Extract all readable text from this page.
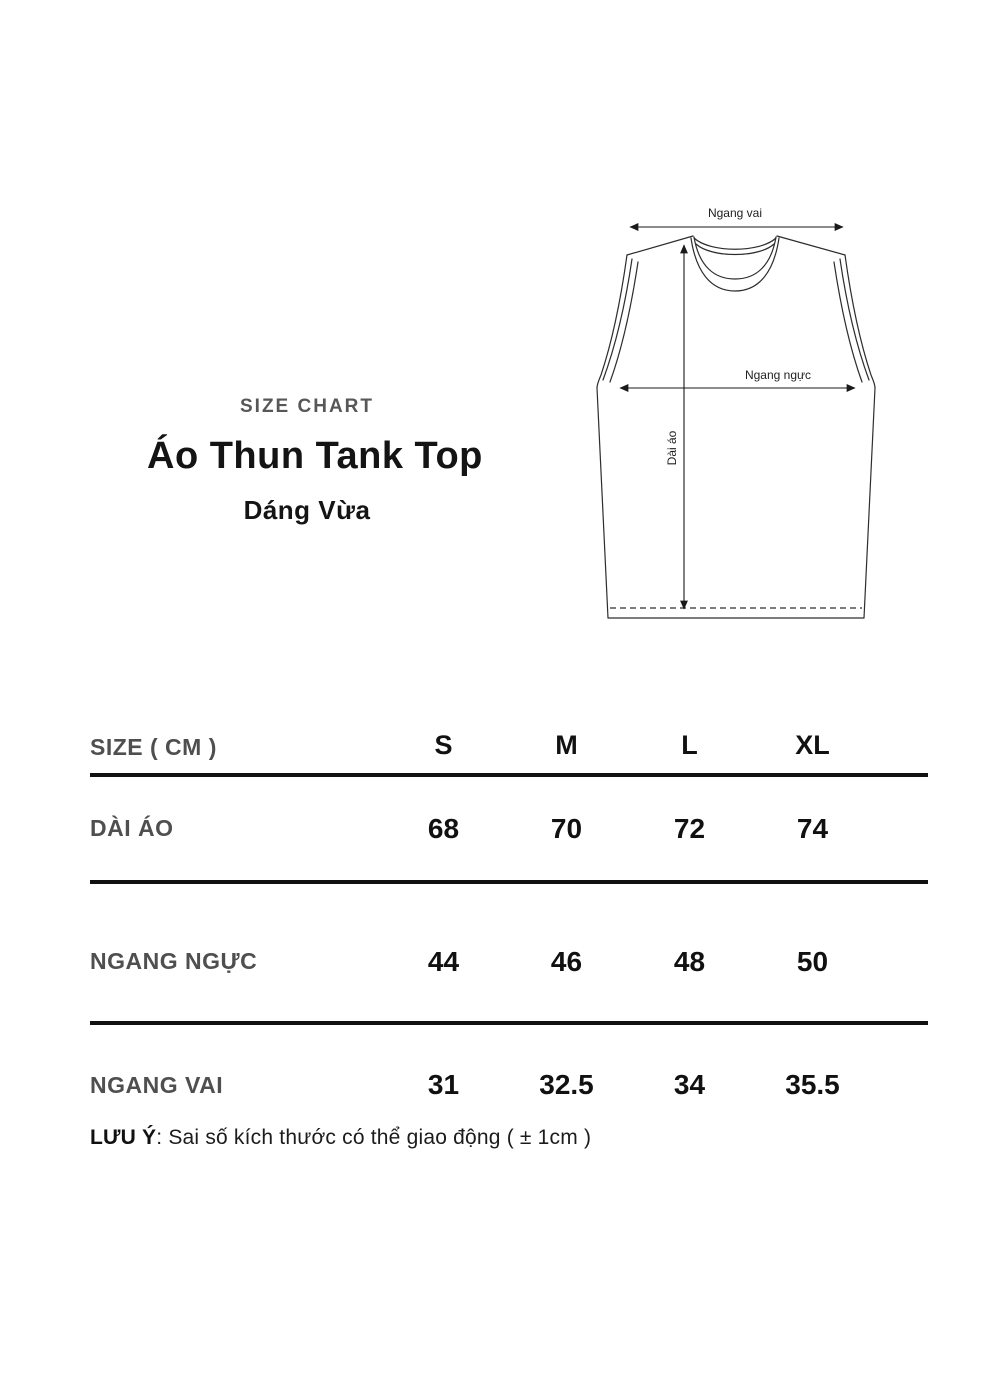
SIZE CHART
Áo Thun Tank Top
Dáng Vừa
Ngang vai
Ngang ngực
Dài áo
SIZE ( CM )	S	M	L	XL
DÀI ÁO	68	70	72	74
NGANG NGỰC	44	46	48	50
NGANG VAI	31	32.5	34	35.5
LƯU Ý: Sai số kích thước có thể giao động ( ± 1cm )
